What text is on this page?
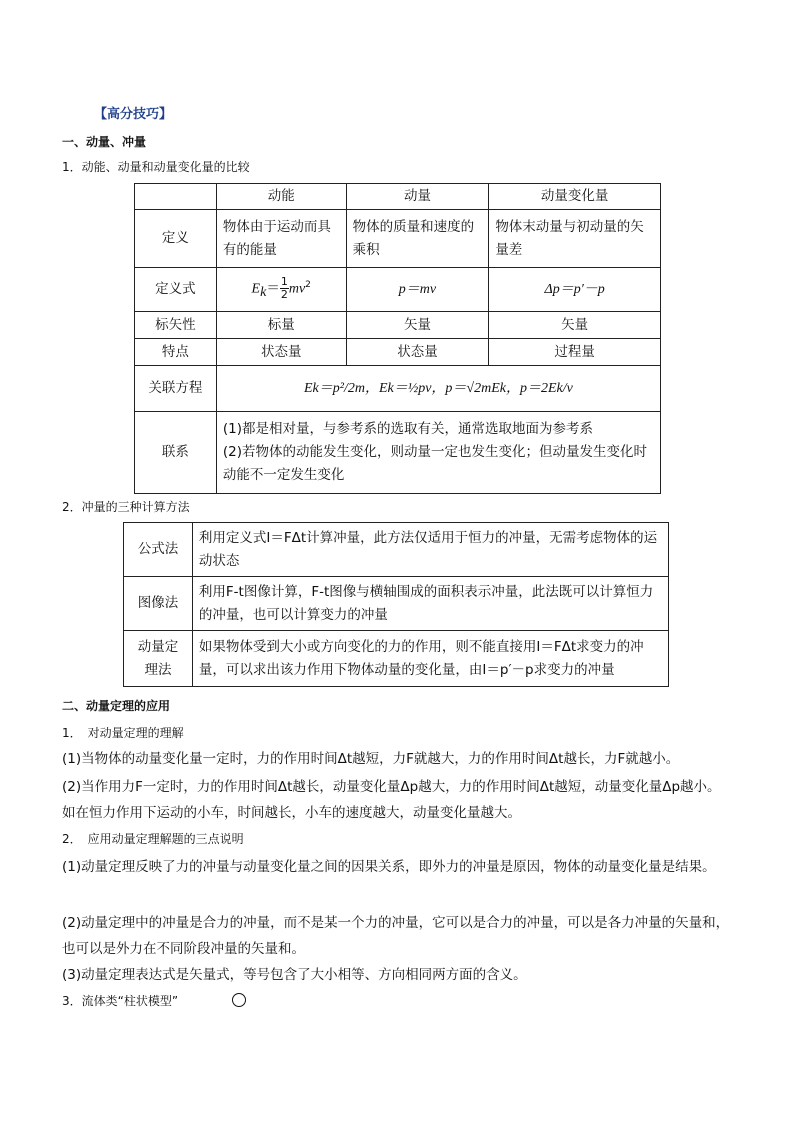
【高分技巧】
一、动量、冲量
1．动能、动量和动量变化量的比较
	动能	动量	动量变化量
定义	物体由于运动而具有的能量	物体的质量和速度的乘积	物体末动量与初动量的矢量差
定义式	$E_k= \frac{1}{2} mv^2$	p＝mv	Δp＝p′－p
标矢性	标量	矢量	矢量
特点	状态量	状态量	过程量
关联方程	Ek＝p²/2m，Ek＝½pv，p＝√2mEk，p＝2Ek/v		
联系	(1)都是相对量，与参考系的选取有关，通常选取地面为参考系
(2)若物体的动能发生变化，则动量一定也发生变化；但动量发生变化时动能不一定发生变化		
2．冲量的三种计算方法
公式法	利用定义式I＝FΔt计算冲量，此方法仅适用于恒力的冲量，无需考虑物体的运动状态
图像法	利用F-t图像计算，F-t图像与横轴围成的面积表示冲量，此法既可以计算恒力的冲量，也可以计算变力的冲量
动量定理法	如果物体受到大小或方向变化的力的作用，则不能直接用I＝FΔt求变力的冲量，可以求出该力作用下物体动量的变化量，由I＝p′－p求变力的冲量
二、动量定理的应用
1．　对动量定理的理解
(1)当物体的动量变化量一定时，力的作用时间Δt越短，力F就越大，力的作用时间Δt越长，力F就越小。
(2)当作用力F一定时，力的作用时间Δt越长，动量变化量Δp越大，力的作用时间Δt越短，动量变化量Δp越小。如在恒力作用下运动的小车，时间越长，小车的速度越大，动量变化量越大。
2．　应用动量定理解题的三点说明
(1)动量定理反映了力的冲量与动量变化量之间的因果关系，即外力的冲量是原因，物体的动量变化量是结果。
(2)动量定理中的冲量是合力的冲量，而不是某一个力的冲量，它可以是合力的冲量，可以是各力冲量的矢量和，也可以是外力在不同阶段冲量的矢量和。
(3)动量定理表达式是矢量式，等号包含了大小相等、方向相同两方面的含义。
3．流体类“柱状模型”
